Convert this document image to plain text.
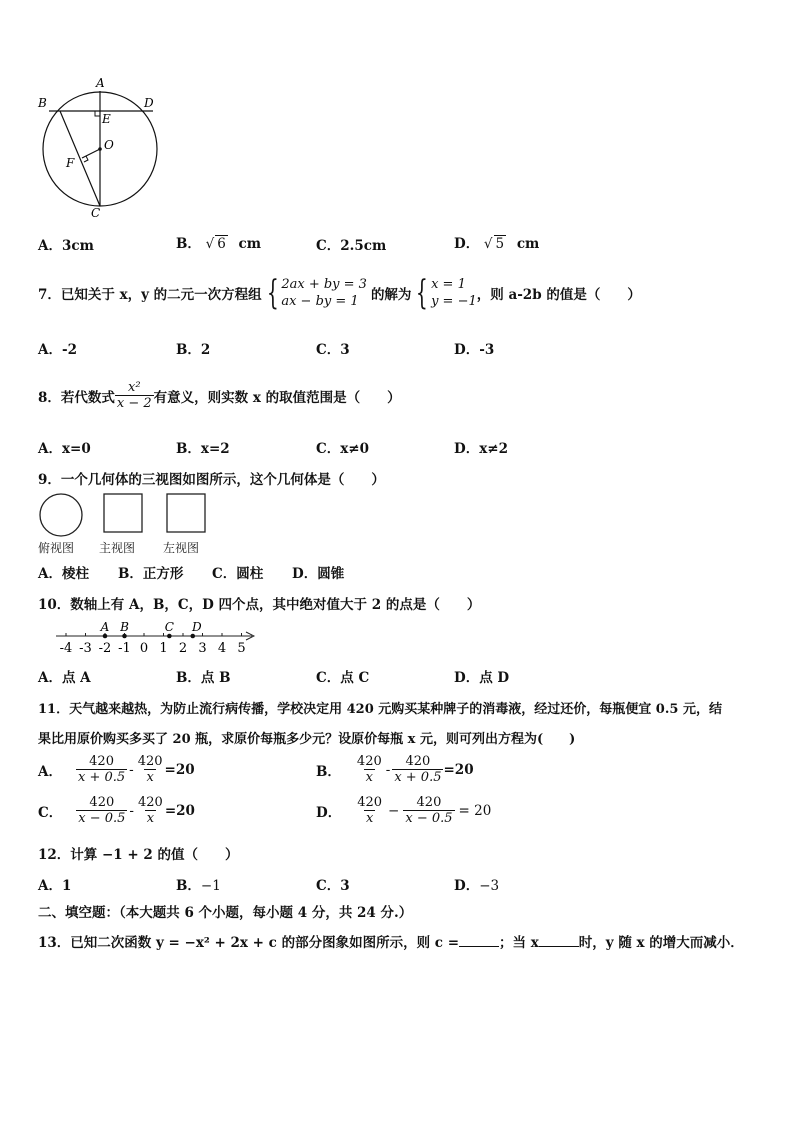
A
B	D
E
O
F
C
A．3cm	B． √ 6 cm	C．2.5cm	D． √ 5 cm
7．已知关于 x，y 的二元一次方程组 { 2ax + by = 3
ax − by = 1 的解为 { x = 1
y = −1 ，则 a-2b 的值是（　　）
A．-2	B．2	C．3	D．-3
8．若代数式 $\frac{\text{x²}}{x - 2}$ 有意义，则实数 x 的取值范围是（　　）
A．x=0	B．x=2	C．x≠0	D．x≠2
9．一个几何体的三视图如图所示，这个几何体是（　　）
俯视图 主视图 左视图
A．棱柱 B．正方形 C．圆柱 D．圆锥
10．数轴上有 A，B，C，D 四个点，其中绝对值大于 2 的点是（　　）
-4 -3 -2 -1 0 1 2 3 4 5
A B	C D
A．点 A	B．点 B	C．点 C	D．点 D
11．天气越来越热，为防止流行病传播，学校决定用 420 元购买某种牌子的消毒液，经过还价，每瓶便宜 0.5 元，结
果比用原价购买多买了 20 瓶，求原价每瓶多少元？设原价每瓶 x 元，则可列出方程为(　　)
A． $\frac{420}{x + 0.5} - \frac{420}{x} =20$	B． $\frac{420}{x} - \frac{420}{x + 0.5} =20$
C． $\frac{420}{x - 0.5} - \frac{420}{x} =20$	D． $\frac{420}{x} - \frac{420}{x - 0.5} = 20$
12．计算 −1 + 2 的值（　　）
A．1	B．−1	C．3	D．−3
二、填空题：（本大题共 6 个小题，每小题 4 分，共 24 分.）
13．已知二次函数 y = −x² + 2x + c 的部分图象如图所示，则 c =	；当 x	时，y 随 x 的增大而减小．
